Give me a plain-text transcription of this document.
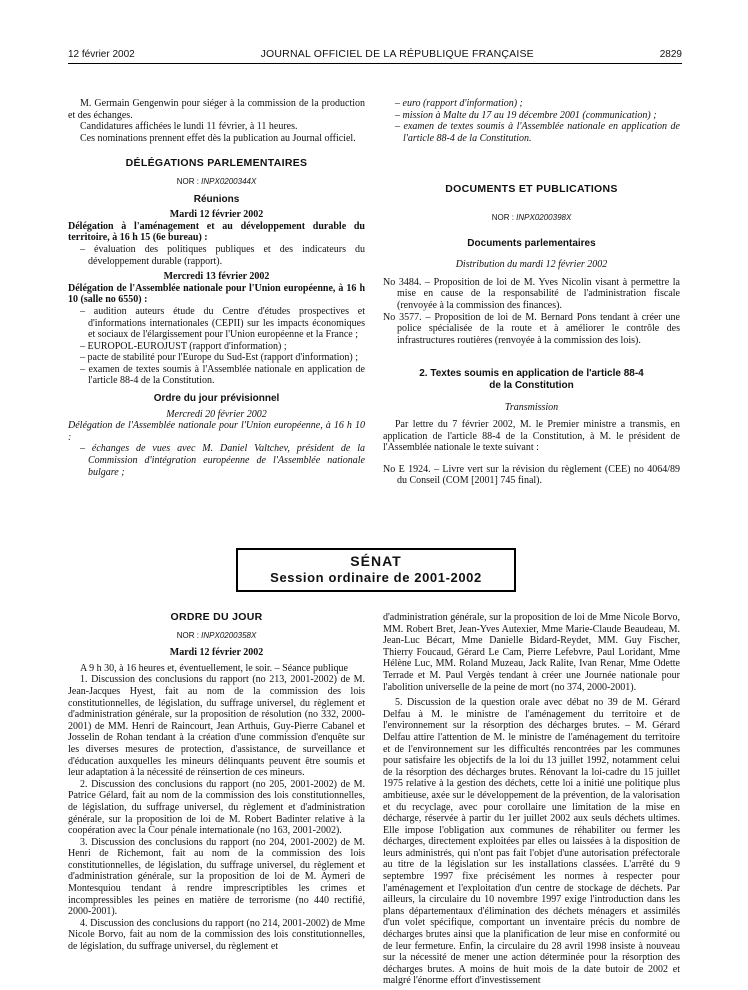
12 février 2002	JOURNAL OFFICIEL DE LA RÉPUBLIQUE FRANÇAISE	2829

M. Germain Gengenwin pour siéger à la commission de la production et des échanges.

Candidatures affichées le lundi 11 février, à 11 heures.

Ces nominations prennent effet dès la publication au Journal officiel.

DÉLÉGATIONS PARLEMENTAIRES
NOR : INPX0200344X
Réunions

Mardi 12 février 2002

Délégation à l'aménagement et au développement durable du territoire, à 16 h 15 (6e bureau) :

– évaluation des politiques publiques et des indicateurs du développement durable (rapport).

Mercredi 13 février 2002

Délégation de l'Assemblée nationale pour l'Union européenne, à 16 h 10 (salle no 6550) :

– audition auteurs étude du Centre d'études prospectives et d'informations internationales (CEPII) sur les impacts économiques et sociaux de l'élargissement pour l'Union européenne et la France ;

– EUROPOL-EUROJUST (rapport d'information) ;

– pacte de stabilité pour l'Europe du Sud-Est (rapport d'information) ;

– examen de textes soumis à l'Assemblée nationale en application de l'article 88-4 de la Constitution.

Ordre du jour prévisionnel

Mercredi 20 février 2002

Délégation de l'Assemblée nationale pour l'Union européenne, à 16 h 10 :

– échanges de vues avec M. Daniel Valtchev, président de la Commission d'intégration européenne de l'Assemblée nationale bulgare ;

– euro (rapport d'information) ;

– mission à Malte du 17 au 19 décembre 2001 (communication) ;

– examen de textes soumis à l'Assemblée nationale en application de l'article 88-4 de la Constitution.

DOCUMENTS ET PUBLICATIONS
NOR : INPX0200398X
Documents parlementaires

Distribution du mardi 12 février 2002

No 3484. – Proposition de loi de M. Yves Nicolin visant à permettre la mise en cause de la responsabilité de l'administration fiscale (renvoyée à la commission des finances).

No 3577. – Proposition de loi de M. Bernard Pons tendant à créer une police spécialisée de la route et à améliorer le contrôle des infrastructures routières (renvoyée à la commission des lois).

2. Textes soumis en application de l'article 88-4 de la Constitution

Transmission

Par lettre du 7 février 2002, M. le Premier ministre a transmis, en application de l'article 88-4 de la Constitution, à M. le président de l'Assemblée nationale le texte suivant :

No E 1924. – Livre vert sur la révision du règlement (CEE) no 4064/89 du Conseil (COM [2001] 745 final).

SÉNAT
Session ordinaire de 2001-2002
ORDRE DU JOUR
NOR : INPX0200358X

Mardi 12 février 2002

A 9 h 30, à 16 heures et, éventuellement, le soir. – Séance publique

1. Discussion des conclusions du rapport (no 213, 2001-2002) de M. Jean-Jacques Hyest, fait au nom de la commission des lois constitutionnelles, de législation, du suffrage universel, du règlement et d'administration générale, sur la proposition de résolution (no 332, 2000-2001) de MM. Henri de Raincourt, Jean Arthuis, Guy-Pierre Cabanel et Josselin de Rohan tendant à la création d'une commission d'enquête sur les diverses mesures de protection, d'assistance, de surveillance et d'éducation auxquelles les mineurs délinquants peuvent être soumis et leur adaptation à la nécessité de réinsertion de ces mineurs.

2. Discussion des conclusions du rapport (no 205, 2001-2002) de M. Patrice Gélard, fait au nom de la commission des lois constitutionnelles, de législation, du suffrage universel, du règlement et d'administration générale, sur la proposition de loi de M. Robert Badinter relative à la coopération avec la Cour pénale internationale (no 163, 2001-2002).

3. Discussion des conclusions du rapport (no 204, 2001-2002) de M. Henri de Richemont, fait au nom de la commission des lois constitutionnelles, de législation, du suffrage universel, du règlement et d'administration générale, sur la proposition de loi de M. Aymeri de Montesquiou tendant à rendre imprescriptibles les crimes et incompressibles les peines en matière de terrorisme (no 440 rectifié, 2000-2001).

4. Discussion des conclusions du rapport (no 214, 2001-2002) de Mme Nicole Borvo, fait au nom de la commission des lois constitutionnelles, de législation, du suffrage universel, du règlement et

d'administration générale, sur la proposition de loi de Mme Nicole Borvo, MM. Robert Bret, Jean-Yves Autexier, Mme Marie-Claude Beaudeau, M. Jean-Luc Bécart, Mme Danielle Bidard-Reydet, MM. Guy Fischer, Thierry Foucaud, Gérard Le Cam, Pierre Lefebvre, Paul Loridant, Mme Hélène Luc, MM. Roland Muzeau, Jack Ralite, Ivan Renar, Mme Odette Terrade et M. Paul Vergès tendant à créer une Journée nationale pour l'abolition universelle de la peine de mort (no 374, 2000-2001).

5. Discussion de la question orale avec débat no 39 de M. Gérard Delfau à M. le ministre de l'aménagement du territoire et de l'environnement sur la résorption des décharges brutes. – M. Gérard Delfau attire l'attention de M. le ministre de l'aménagement du territoire et de l'environnement sur les difficultés rencontrées par les communes pour satisfaire les objectifs de la loi du 13 juillet 1992, notamment celui de la résorption des décharges brutes. Rénovant la loi-cadre du 15 juillet 1975 relative à la gestion des déchets, cette loi a initié une politique plus ambitieuse, axée sur le développement de la prévention, de la valorisation et du recyclage, avec pour corollaire une limitation de la mise en décharge, réservée à partir du 1er juillet 2002 aux seuls déchets ultimes. Elle impose l'obligation aux communes de réhabiliter ou fermer les décharges, directement exploitées par elles ou laissées à la disposition de leurs administrés, qui n'ont pas fait l'objet d'une autorisation préfectorale au titre de la législation sur les installations classées. L'arrêté du 9 septembre 1997 fixe précisément les normes à respecter pour l'aménagement et l'exploitation d'un centre de stockage de déchets. Par ailleurs, la circulaire du 10 novembre 1997 exige l'introduction dans les plans départementaux d'élimination des déchets ménagers et assimilés d'un volet spécifique, comportant un inventaire précis du nombre de décharges brutes ainsi que la planification de leur mise en conformité ou de leur fermeture. Enfin, la circulaire du 28 avril 1998 insiste à nouveau sur la nécessité de mener une action déterminée pour la résorption des décharges brutes. A moins de huit mois de la date butoir de 2002 et malgré l'énorme effort d'investissement
